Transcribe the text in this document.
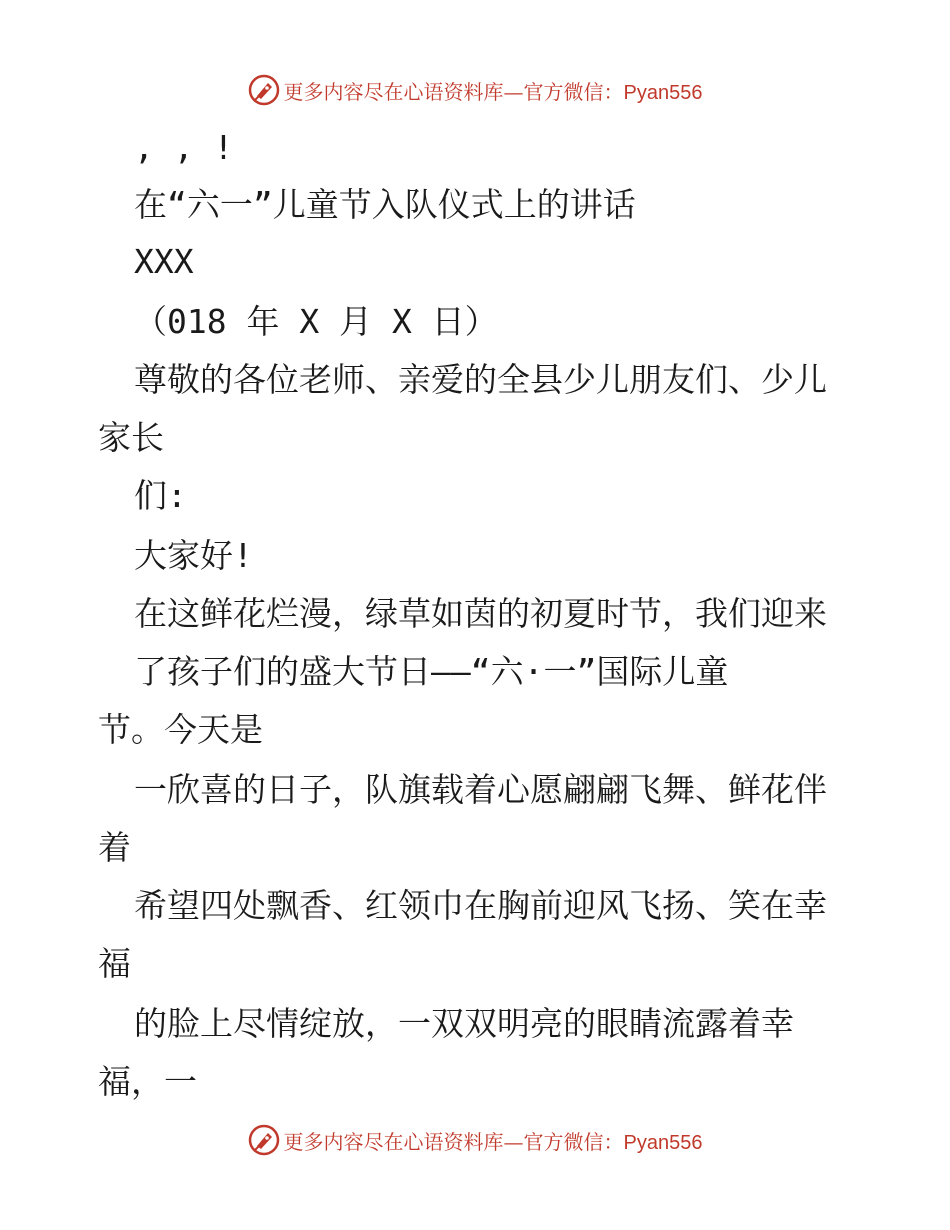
更多内容尽在心语资料库—官方微信：Pyan556
, , !
在“六一”儿童节入队仪式上的讲话
XXX
（018 年 X 月 X 日）
尊敬的各位老师、亲爱的全县少儿朋友们、少儿
家长
们:
大家好!
在这鲜花烂漫，绿草如茵的初夏时节，我们迎来
了孩子们的盛大节日——“六·一”国际儿童
节。今天是
一欣喜的日子，队旗载着心愿翩翩飞舞、鲜花伴
着
希望四处飘香、红领巾在胸前迎风飞扬、笑在幸
福
的脸上尽情绽放，一双双明亮的眼睛流露着幸
福，一
更多内容尽在心语资料库—官方微信：Pyan556
